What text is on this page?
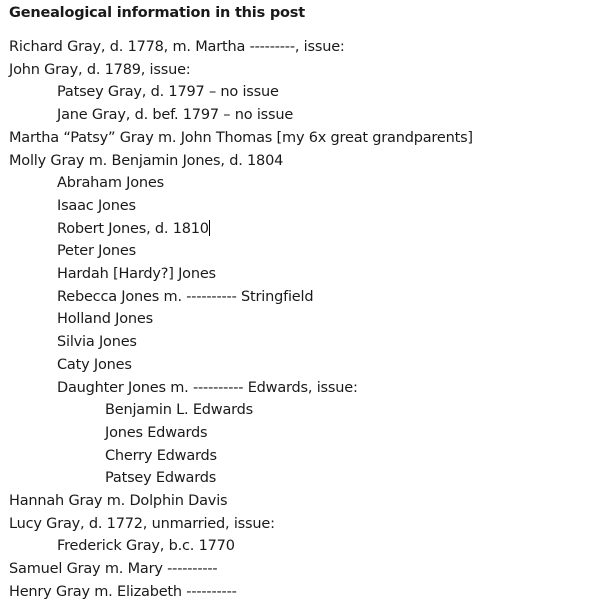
Genealogical information in this post
Richard Gray, d. 1778, m. Martha ---------, issue:
John Gray, d. 1789, issue:
Patsey Gray, d. 1797 – no issue
Jane Gray, d. bef. 1797 – no issue
Martha “Patsy” Gray m. John Thomas [my 6x great grandparents]
Molly Gray m. Benjamin Jones, d. 1804
Abraham Jones
Isaac Jones
Robert Jones, d. 1810
Peter Jones
Hardah [Hardy?] Jones
Rebecca Jones m. ---------- Stringfield
Holland Jones
Silvia Jones
Caty Jones
Daughter Jones m. ---------- Edwards, issue:
Benjamin L. Edwards
Jones Edwards
Cherry Edwards
Patsey Edwards
Hannah Gray m. Dolphin Davis
Lucy Gray, d. 1772, unmarried, issue:
Frederick Gray, b.c. 1770
Samuel Gray m. Mary ----------
Henry Gray m. Elizabeth ----------
